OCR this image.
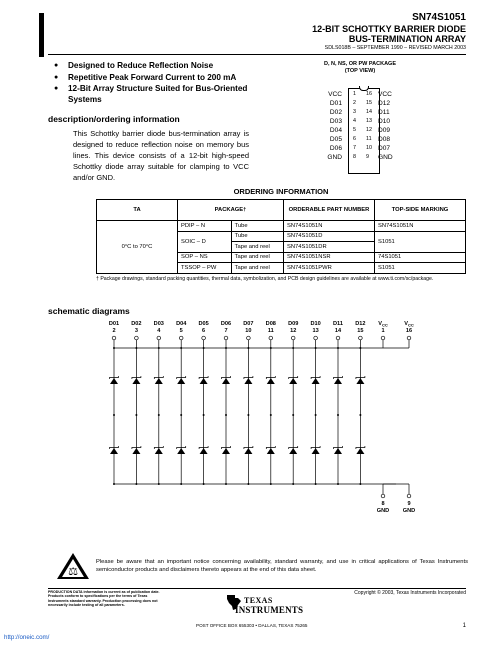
SN74S1051
12-BIT SCHOTTKY BARRIER DIODE
BUS-TERMINATION ARRAY
SDLS018B – SEPTEMBER 1990 – REVISED MARCH 2003
● Designed to Reduce Reflection Noise
● Repetitive Peak Forward Current to 200 mA
● 12-Bit Array Structure Suited for Bus-Oriented Systems
D, N, NS, OR PW PACKAGE
(TOP VIEW)
VCC	1 16 VCC
D01	2 15 D12
D02	3 14 D11
D03	4 13 D10
D04	5 12 D09
D05	6 11 D08
D06	7 10 D07
GND	8 9	GND
description/ordering information
This Schottky barrier diode bus-termination array is designed to reduce reflection noise on memory bus lines. This device consists of a 12-bit high-speed Schottky diode array suitable for clamping to VCC and/or GND.
ORDERING INFORMATION
TA	PACKAGE†		ORDERABLE PART NUMBER	TOP-SIDE MARKING
0°C to 70°C	PDIP – N	Tube	SN74S1051N	SN74S1051N
	SOIC – D	Tube	SN74S1051D	S1051
		Tape and reel	SN74S1051DR	
	SOP – NS	Tape and reel	SN74S1051NSR	74S1051
	TSSOP – PW	Tape and reel	SN74S1051PWR	S1051
† Package drawings, standard packing quantities, thermal data, symbolization, and PCB design guidelines are available at www.ti.com/sc/package.
schematic diagrams
D01
2
D02
3
D03
4
D04
5
D05
6
D06
7
D07
10
D08
11
D09
12
D10
13
D11
14
D12
15
$V_{CC}$
1
$V_{CC}$
16
8
GND
9
GND
⚖
Please be aware that an important notice concerning availability, standard warranty, and use in critical applications of Texas Instruments semiconductor products and disclaimers thereto appears at the end of this data sheet.
PRODUCTION DATA information is current as of publication date. Products conform to specifications per the terms of Texas Instruments standard warranty. Production processing does not necessarily include testing of all parameters.
Copyright © 2003, Texas Instruments Incorporated
TEXAS
INSTRUMENTS
POST OFFICE BOX 655303 • DALLAS, TEXAS 75265	1
http://oneic.com/
